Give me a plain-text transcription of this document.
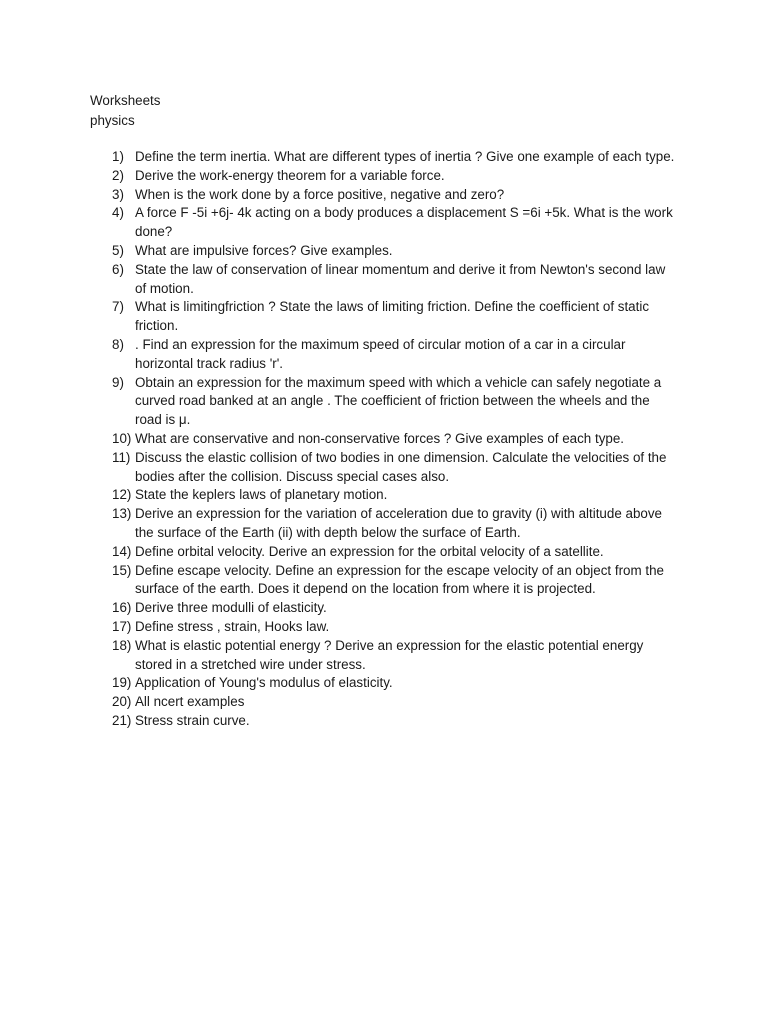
Worksheets
physics
1) Define the term inertia. What are different types of inertia ? Give one example of each type.
2) Derive the work-energy theorem for a variable force.
3) When is the work done by a force positive, negative and zero?
4) A force F -5i +6j- 4k acting on a body produces a displacement S =6i +5k. What is the work done?
5) What are impulsive forces? Give examples.
6) State the law of conservation of linear momentum and derive it from Newton's second law of motion.
7) What is limitingfriction ? State the laws of limiting friction. Define the coefficient of static friction.
8) . Find an expression for the maximum speed of circular motion of a car in a circular horizontal track radius 'r'.
9) Obtain an expression for the maximum speed with which a vehicle can safely negotiate a curved road banked at an angle . The coefficient of friction between the wheels and the road is μ.
10) What are conservative and non-conservative forces ? Give examples of each type.
11) Discuss the elastic collision of two bodies in one dimension. Calculate the velocities of the bodies after the collision. Discuss special cases also.
12) State the keplers laws of planetary motion.
13) Derive an expression for the variation of acceleration due to gravity (i) with altitude above the surface of the Earth (ii) with depth below the surface of Earth.
14) Define orbital velocity. Derive an expression for the orbital velocity of a satellite.
15) Define escape velocity. Define an expression for the escape velocity of an object from the surface of the earth. Does it depend on the location from where it is projected.
16) Derive three modulli of elasticity.
17) Define stress , strain, Hooks law.
18) What is elastic potential energy ? Derive an expression for the elastic potential energy stored in a stretched wire under stress.
19) Application of Young's modulus of elasticity.
20) All ncert examples
21) Stress strain curve.
